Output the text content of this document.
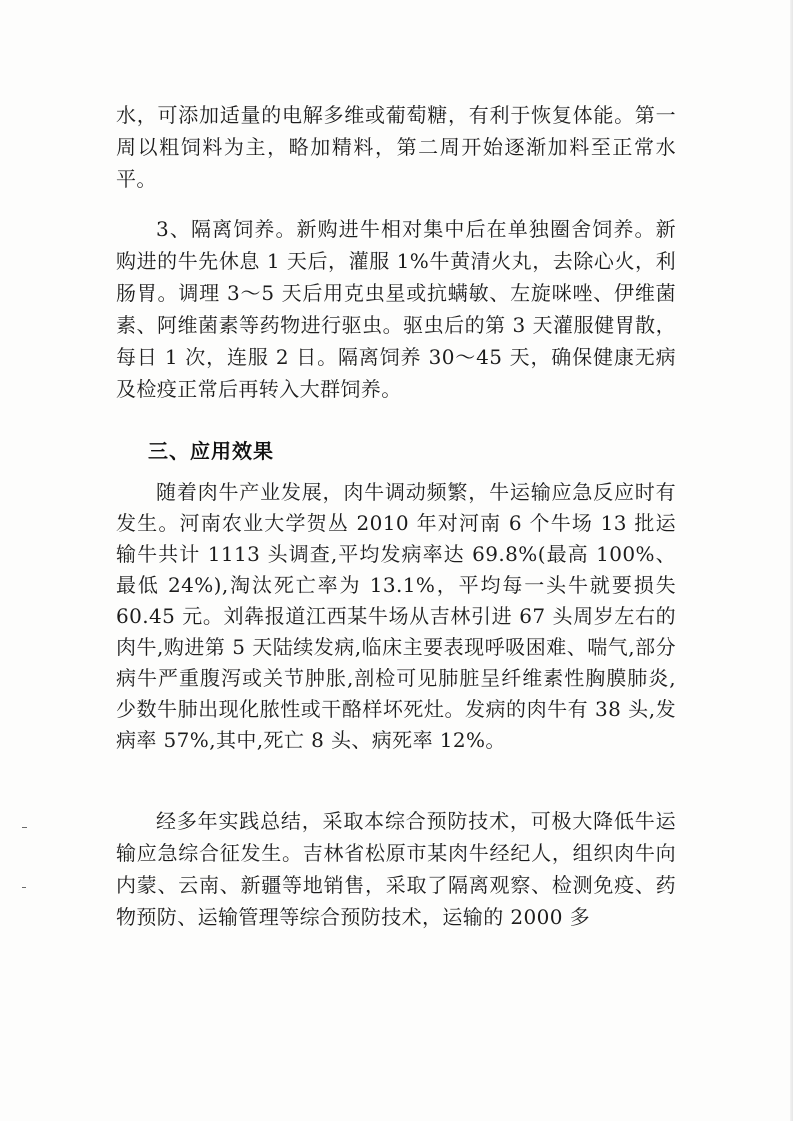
水，可添加适量的电解多维或葡萄糖，有利于恢复体能。第一周以粗饲料为主，略加精料，第二周开始逐渐加料至正常水平。

3、隔离饲养。新购进牛相对集中后在单独圈舍饲养。新购进的牛先休息 1 天后，灌服 1%牛黄清火丸，去除心火，利肠胃。调理 3～5 天后用克虫星或抗螨敏、左旋咪唑、伊维菌素、阿维菌素等药物进行驱虫。驱虫后的第 3 天灌服健胃散，每日 1 次，连服 2 日。隔离饲养 30～45 天，确保健康无病及检疫正常后再转入大群饲养。

三、应用效果

随着肉牛产业发展，肉牛调动频繁，牛运输应急反应时有发生。河南农业大学贺丛 2010 年对河南 6 个牛场 13 批运输牛共计 1113 头调查,平均发病率达 69.8%(最高 100%、最低 24%),淘汰死亡率为 13.1%，平均每一头牛就要损失 60.45 元。刘犇报道江西某牛场从吉林引进 67 头周岁左右的肉牛,购进第 5 天陆续发病,临床主要表现呼吸困难、喘气,部分病牛严重腹泻或关节肿胀,剖检可见肺脏呈纤维素性胸膜肺炎,少数牛肺出现化脓性或干酪样坏死灶。发病的肉牛有 38 头,发病率 57%,其中,死亡 8 头、病死率 12%。

经多年实践总结，采取本综合预防技术，可极大降低牛运输应急综合征发生。吉林省松原市某肉牛经纪人，组织肉牛向内蒙、云南、新疆等地销售，采取了隔离观察、检测免疫、药物预防、运输管理等综合预防技术，运输的 2000 多
